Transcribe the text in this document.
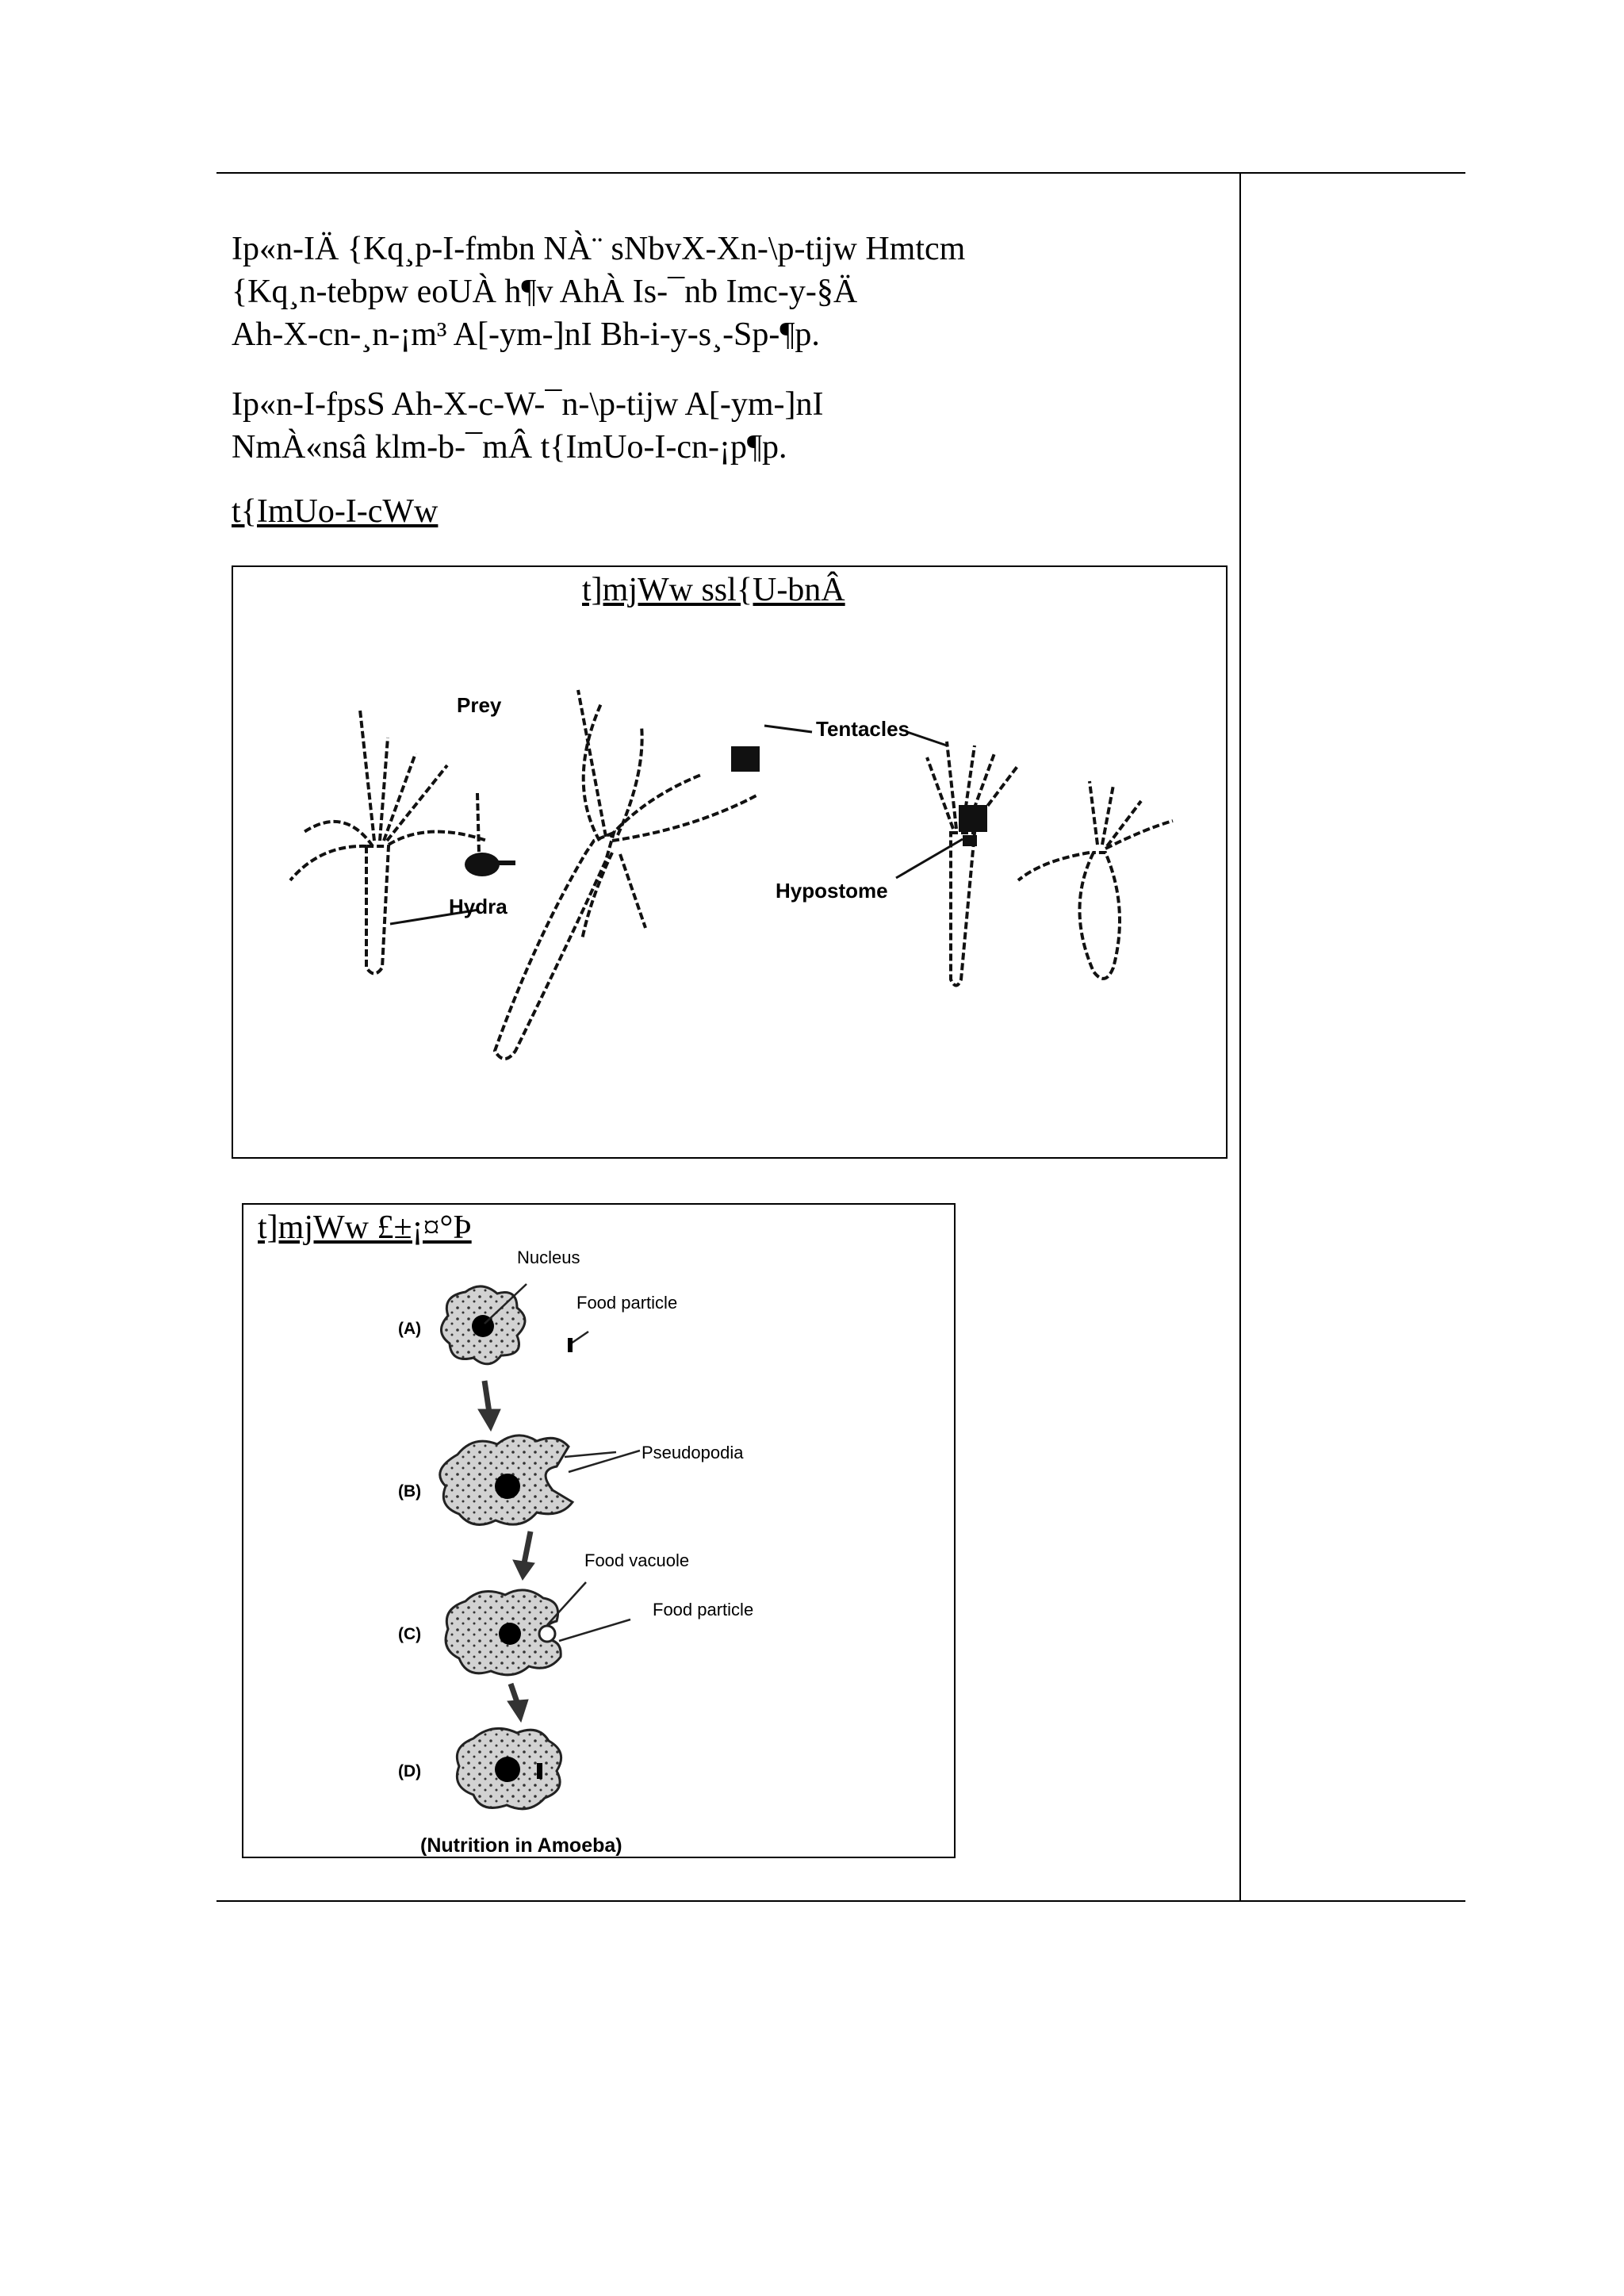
Ip«n-IÄ {Kq¸p-I-fmbn NÀ¨ sNbvX-Xn-\p-tijw Hmtcm
{Kq¸n-tebpw eoUÀ h¶v AhÀ Is-¯nb Imc-y-§Ä
Ah-X-cn-¸n-¡m³ A[-ym-]nI Bh-i-y-s¸-Sp-¶p.

Ip«n-I-fpsS Ah-X-c-W-¯n-\p-tijw A[-ym-]nI
NmÀ«nsâ klm-b-¯mÂ t{ImUo-I-cn-¡p¶p.

t{ImUo-I-cWw

t]mjWw ssl{U-bnÂ
Prey
Hydra
Tentacles
Hypostome
t]mjWw £±¡¤°Þ
(A)
(B)
(C)
(D)
Nucleus
Food particle
Pseudopodia
Food vacuole
Food particle
(Nutrition in Amoeba)
